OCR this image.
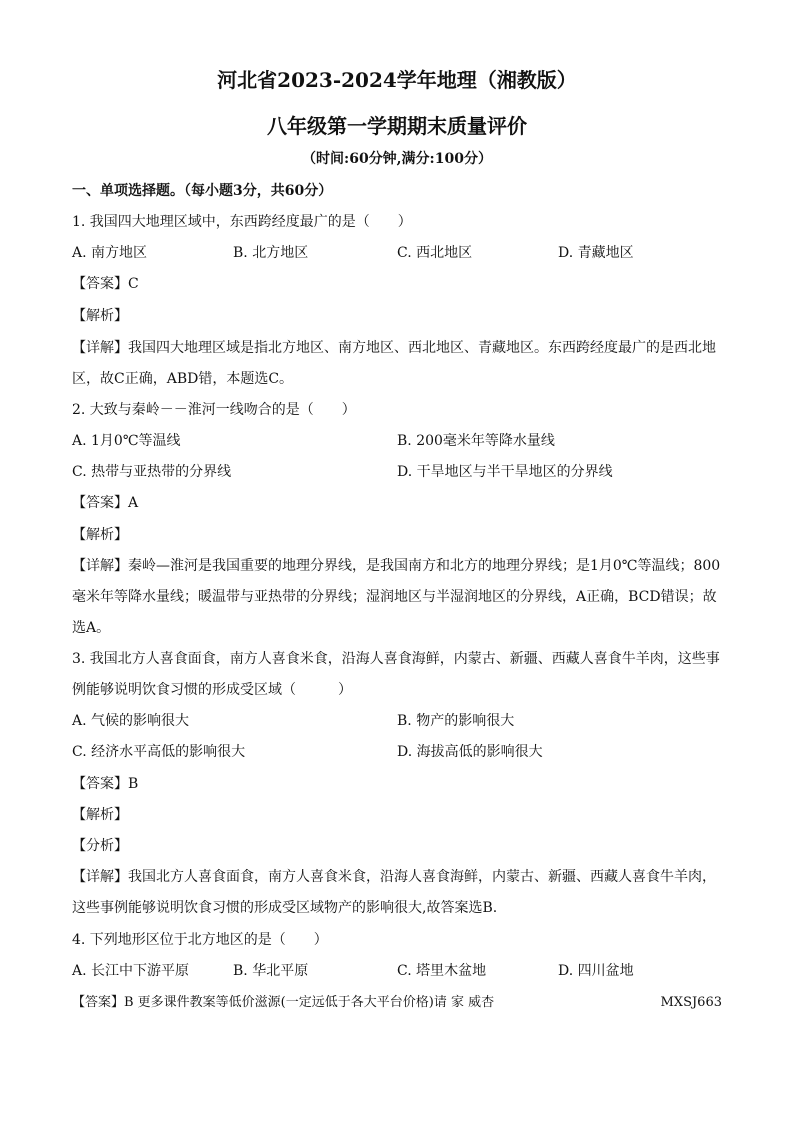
河北省2023-2024学年地理（湘教版）
八年级第一学期期末质量评价
（时间:60分钟,满分:100分）
一、单项选择题。（每小题3分，共60分）
1. 我国四大地理区域中，东西跨经度最广的是（　　）
A. 南方地区	B. 北方地区	C. 西北地区	D. 青藏地区
【答案】C
【解析】
【详解】我国四大地理区域是指北方地区、南方地区、西北地区、青藏地区。东西跨经度最广的是西北地
区，故C正确，ABD错，本题选C。
2. 大致与秦岭－－淮河一线吻合的是（　　）
A. 1月0℃等温线	B. 200毫米年等降水量线
C. 热带与亚热带的分界线	D. 干旱地区与半干旱地区的分界线
【答案】A
【解析】
【详解】秦岭—淮河是我国重要的地理分界线，是我国南方和北方的地理分界线；是1月0℃等温线；800
毫米年等降水量线；暖温带与亚热带的分界线；湿润地区与半湿润地区的分界线，A正确，BCD错误；故
选A。
3. 我国北方人喜食面食，南方人喜食米食，沿海人喜食海鲜，内蒙古、新疆、西藏人喜食牛羊肉，这些事
例能够说明饮食习惯的形成受区域（　　　）
A. 气候的影响很大	B. 物产的影响很大
C. 经济水平高低的影响很大	D. 海拔高低的影响很大
【答案】B
【解析】
【分析】
【详解】我国北方人喜食面食，南方人喜食米食，沿海人喜食海鲜，内蒙古、新疆、西藏人喜食牛羊肉，
这些事例能够说明饮食习惯的形成受区域物产的影响很大,故答案选B.
4. 下列地形区位于北方地区的是（　　）
A. 长江中下游平原	B. 华北平原	C. 塔里木盆地	D. 四川盆地
【答案】B 更多课件教案等低价滋源(一定远低于各大平台价格)请 家 威杏	MXSJ663
